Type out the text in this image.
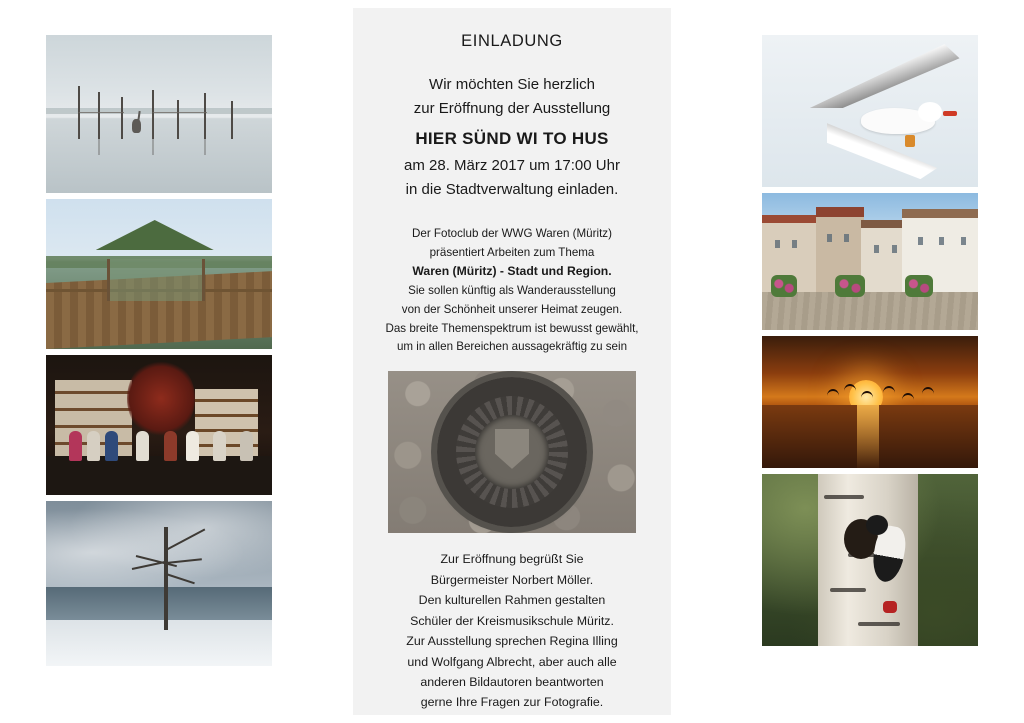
EINLADUNG
Wir möchten Sie herzlich
zur Eröffnung der Ausstellung
HIER SÜND WI TO HUS
am 28. März 2017 um 17:00 Uhr
in die Stadtverwaltung einladen.
Der Fotoclub der WWG Waren (Müritz)
präsentiert Arbeiten zum Thema
Waren (Müritz) - Stadt und Region.
Sie sollen künftig als Wanderausstellung
von der Schönheit unserer Heimat zeugen.
Das breite Themenspektrum ist bewusst gewählt,
um in allen Bereichen aussagekräftig zu sein
Zur Eröffnung begrüßt Sie
Bürgermeister Norbert Möller.
Den kulturellen Rahmen gestalten
Schüler der Kreismusikschule Müritz.
Zur Ausstellung sprechen Regina Illing
und Wolfgang Albrecht, aber auch alle
anderen Bildautoren beantworten
gerne Ihre Fragen zur Fotografie.
